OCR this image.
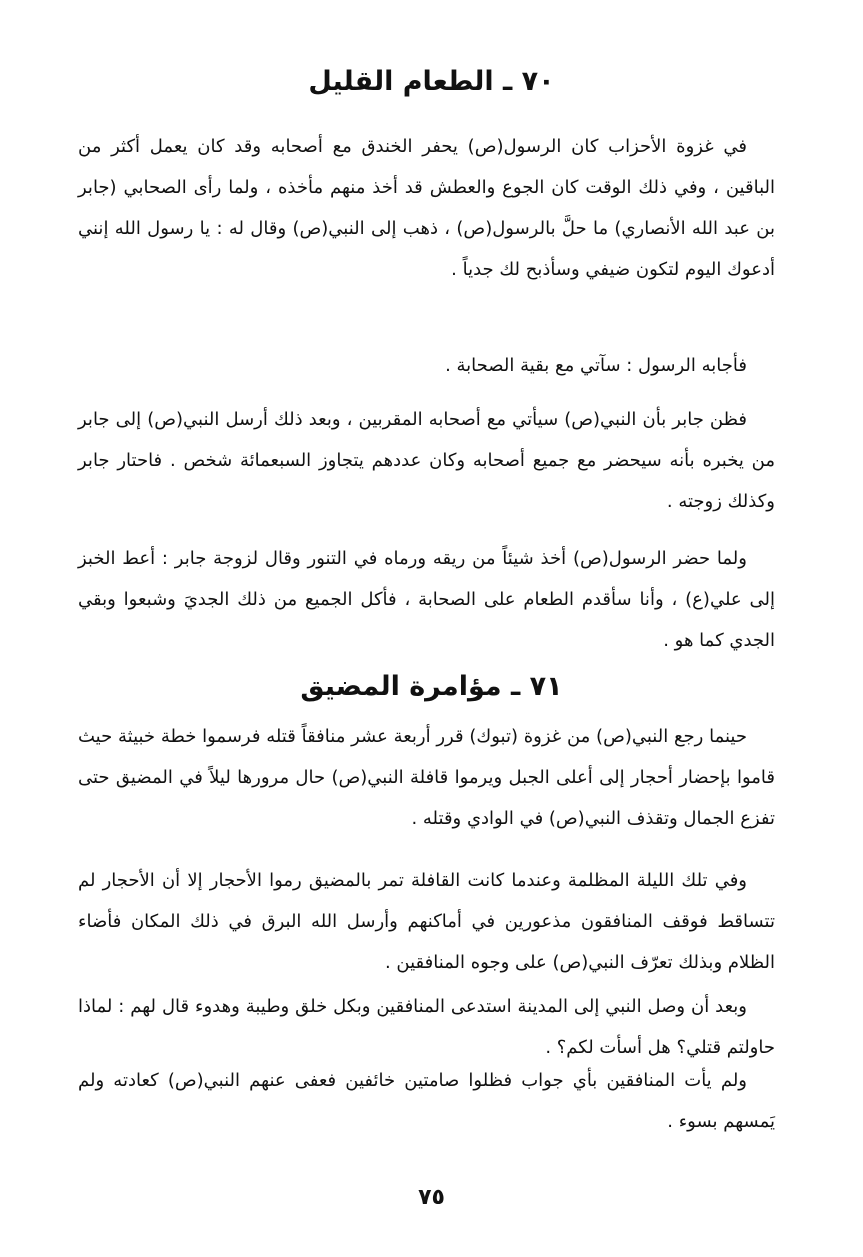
٧٠ ـ الطعام القليل

في غزوة الأحزاب كان الرسول(ص) يحفر الخندق مع أصحابه وقد كان يعمل أكثر من الباقين ، وفي ذلك الوقت كان الجوع والعطش قد أخذ منهم مأخذه ، ولما رأى الصحابي (جابر بن عبد الله الأنصاري) ما حلَّ بالرسول(ص) ، ذهب إلى النبي(ص) وقال له : يا رسول الله إنني أدعوك اليوم لتكون ضيفي وسأذبح لك جدياً .

فأجابه الرسول : سآتي مع بقية الصحابة .

فظن جابر بأن النبي(ص) سيأتي مع أصحابه المقربين ، وبعد ذلك أرسل النبي(ص) إلى جابر من يخبره بأنه سيحضر مع جميع أصحابه وكان عددهم يتجاوز السبعمائة شخص . فاحتار جابر وكذلك زوجته .

ولما حضر الرسول(ص) أخذ شيئاً من ريقه ورماه في التنور وقال لزوجة جابر : أعط الخبز إلى علي(ع) ، وأنا سأقدم الطعام على الصحابة ، فأكل الجميع من ذلك الجديَ وشبعوا وبقي الجدي كما هو .

٧١ ـ مؤامرة المضيق

حينما رجع النبي(ص) من غزوة (تبوك) قرر أربعة عشر منافقاً قتله فرسموا خطة خبيثة حيث قاموا بإحضار أحجار إلى أعلى الجبل ويرموا قافلة النبي(ص) حال مرورها ليلاً في المضيق حتى تفزع الجمال وتقذف النبي(ص) في الوادي وقتله .

وفي تلك الليلة المظلمة وعندما كانت القافلة تمر بالمضيق رموا الأحجار إلا أن الأحجار لم تتساقط فوقف المنافقون مذعورين في أماكنهم وأرسل الله البرق في ذلك المكان فأضاء الظلام وبذلك تعرّف النبي(ص) على وجوه المنافقين .

وبعد أن وصل النبي إلى المدينة استدعى المنافقين وبكل خلق وطيبة وهدوء قال لهم : لماذا حاولتم قتلي؟ هل أسأت لكم؟ .

ولم يأت المنافقين بأي جواب فظلوا صامتين خائفين فعفى عنهم النبي(ص) كعادته ولم يَمسهم بسوء .

٧٥
